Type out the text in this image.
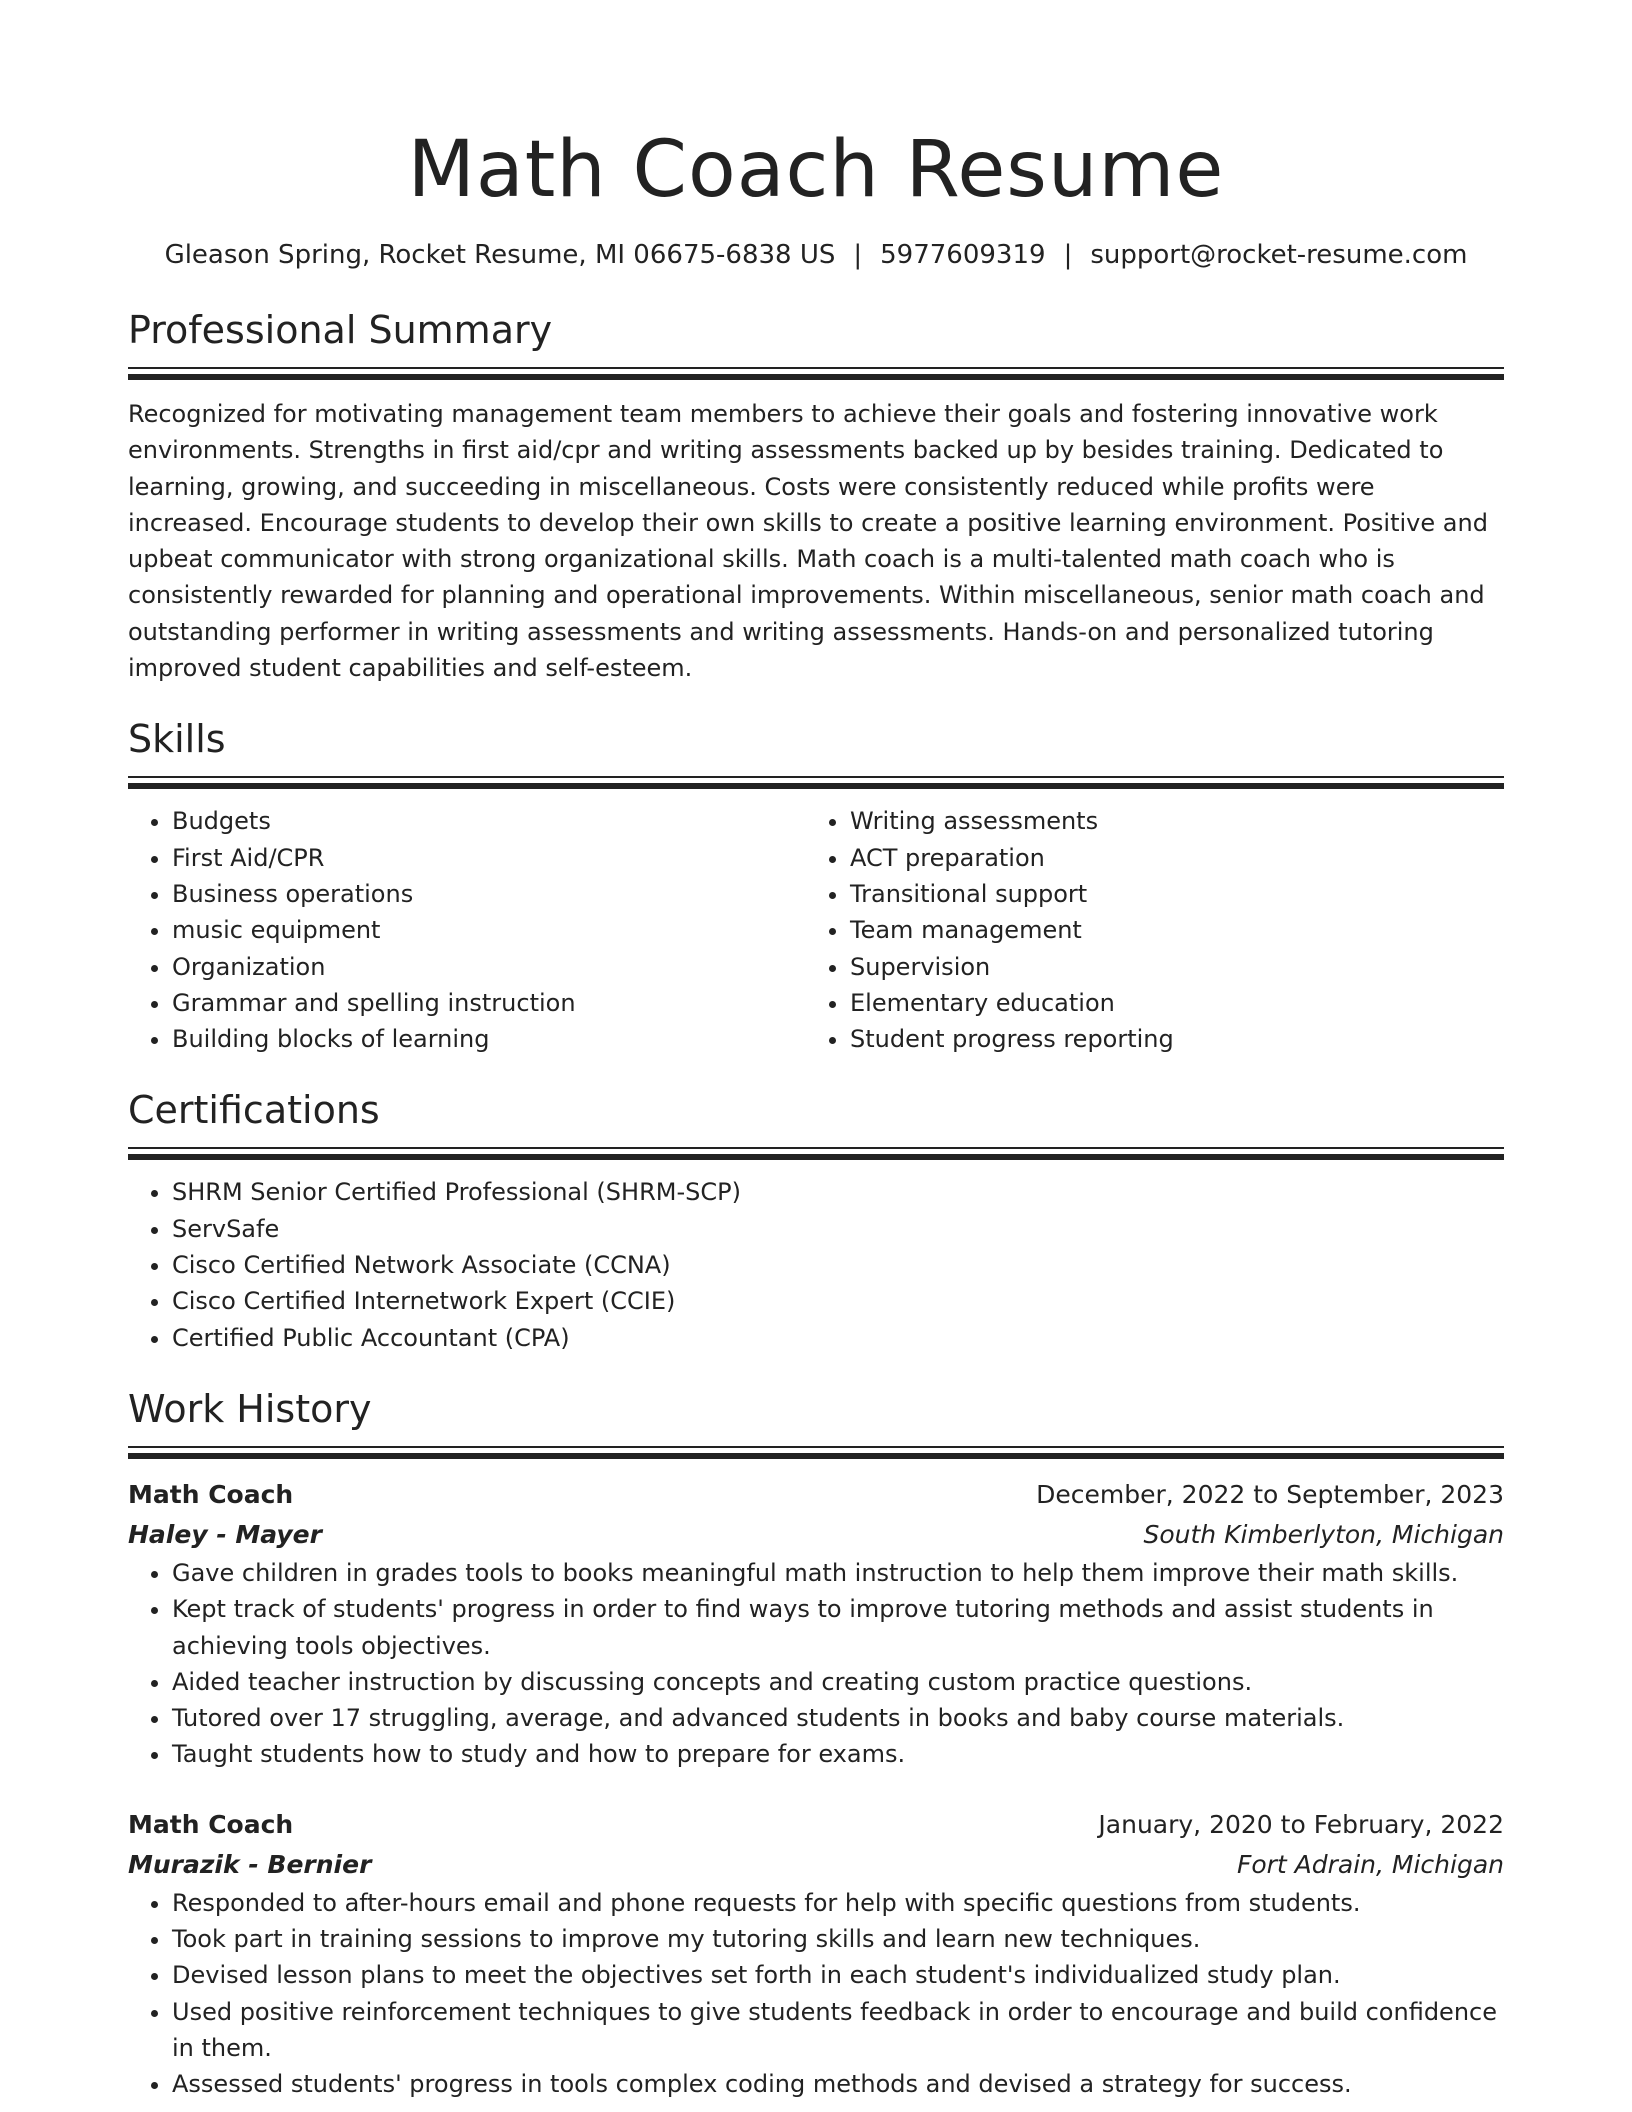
Math Coach Resume
Gleason Spring, Rocket Resume, MI 06675-6838 US | 5977609319 | support@rocket-resume.com
Professional Summary
Recognized for motivating management team members to achieve their goals and fostering innovative work environments. Strengths in first aid/cpr and writing assessments backed up by besides training. Dedicated to learning, growing, and succeeding in miscellaneous. Costs were consistently reduced while profits were increased. Encourage students to develop their own skills to create a positive learning environment. Positive and upbeat communicator with strong organizational skills. Math coach is a multi-talented math coach who is consistently rewarded for planning and operational improvements. Within miscellaneous, senior math coach and outstanding performer in writing assessments and writing assessments. Hands-on and personalized tutoring improved student capabilities and self-esteem.
Skills
• Budgets
• First Aid/CPR
• Business operations
• music equipment
• Organization
• Grammar and spelling instruction
• Building blocks of learning
• Writing assessments
• ACT preparation
• Transitional support
• Team management
• Supervision
• Elementary education
• Student progress reporting
Certifications
• SHRM Senior Certified Professional (SHRM-SCP)
• ServSafe
• Cisco Certified Network Associate (CCNA)
• Cisco Certified Internetwork Expert (CCIE)
• Certified Public Accountant (CPA)
Work History
Math Coach	December, 2022 to September, 2023
Haley - Mayer	South Kimberlyton, Michigan
• Gave children in grades tools to books meaningful math instruction to help them improve their math skills.
• Kept track of students' progress in order to find ways to improve tutoring methods and assist students in achieving tools objectives.
• Aided teacher instruction by discussing concepts and creating custom practice questions.
• Tutored over 17 struggling, average, and advanced students in books and baby course materials.
• Taught students how to study and how to prepare for exams.
Math Coach	January, 2020 to February, 2022
Murazik - Bernier	Fort Adrain, Michigan
• Responded to after-hours email and phone requests for help with specific questions from students.
• Took part in training sessions to improve my tutoring skills and learn new techniques.
• Devised lesson plans to meet the objectives set forth in each student's individualized study plan.
• Used positive reinforcement techniques to give students feedback in order to encourage and build confidence in them.
• Assessed students' progress in tools complex coding methods and devised a strategy for success.
